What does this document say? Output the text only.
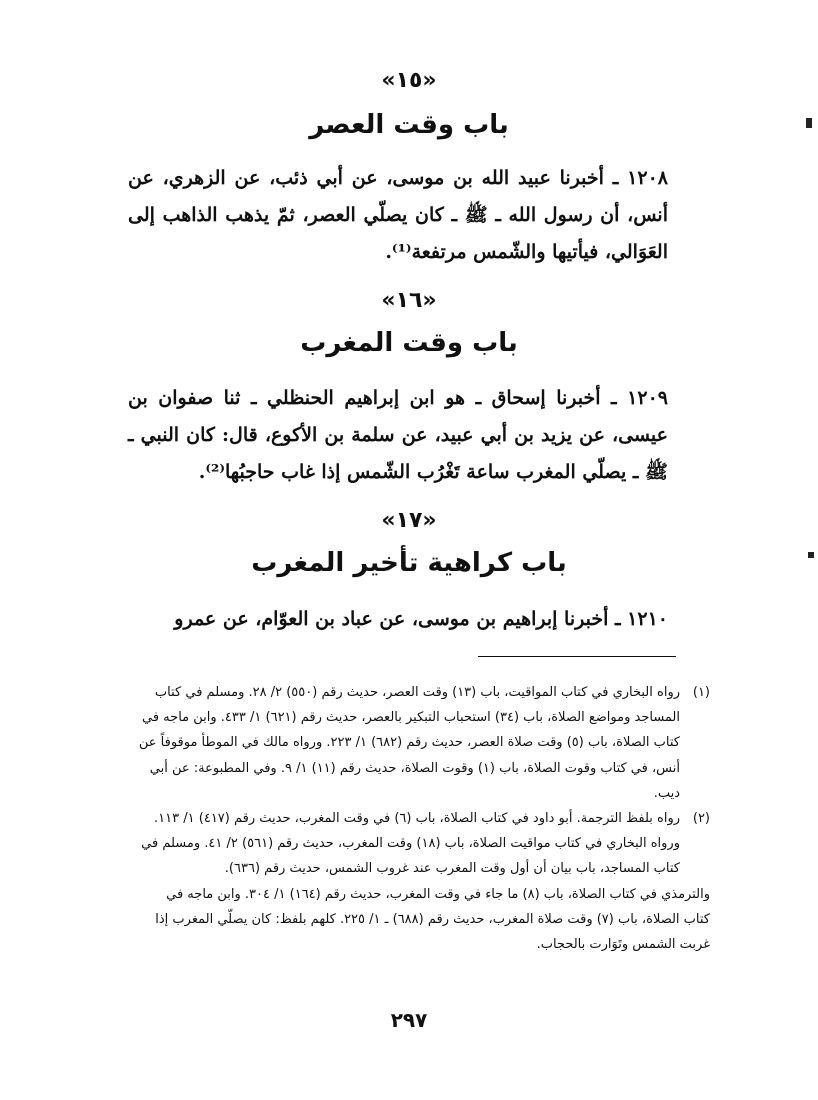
«١٥»
باب وقت العصر

١٢٠٨ ـ أخبرنا عبيد الله بن موسى، عن أبي ذئب، عن الزهري، عن أنس، أن رسول الله ـ ﷺ ـ كان يصلّي العصر، ثمّ يذهب الذاهب إلى العَوَالي، فيأتيها والشّمس مرتفعة⁽¹⁾.

«١٦»
باب وقت المغرب

١٢٠٩ ـ أخبرنا إسحاق ـ هو ابن إبراهيم الحنظلي ـ ثنا صفوان بن عيسى، عن يزيد بن أبي عبيد، عن سلمة بن الأكوع، قال: كان النبي ـ ﷺ ـ يصلّي المغرب ساعة تَغْرُب الشّمس إذا غاب حاجبُها⁽²⁾.

«١٧»
باب كراهية تأخير المغرب

١٢١٠ ـ أخبرنا إبراهيم بن موسى، عن عباد بن العوّام، عن عمرو

(١)
رواه البخاري في كتاب المواقيت، باب (١٣) وقت العصر، حديث رقم (٥٥٠) ٢/ ٢٨. ومسلم في كتاب المساجد ومواضع الصلاة، باب (٣٤) استحباب التبكير بالعصر، حديث رقم (٦٢١) ١/ ٤٣٣. وابن ماجه في كتاب الصلاة، باب (٥) وقت صلاة العصر، حديث رقم (٦٨٢) ١/ ٢٢٣. ورواه مالك في الموطأ موقوفاً عن أنس، في كتاب وقوت الصلاة، باب (١) وقوت الصلاة، حديث رقم (١١) ١/ ٩. وفي المطبوعة: عن أبي ديب.

(٢)
رواه بلفظ الترجمة. أبو داود في كتاب الصلاة، باب (٦) في وقت المغرب، حديث رقم (٤١٧) ١/ ١١٣. ورواه البخاري في كتاب مواقيت الصلاة، باب (١٨) وقت المغرب، حديث رقم (٥٦١) ٢/ ٤١. ومسلم في كتاب المساجد، باب بيان أن أول وقت المغرب عند غروب الشمس، حديث رقم (٦٣٦).

والترمذي في كتاب الصلاة، باب (٨) ما جاء في وقت المغرب، حديث رقم (١٦٤) ١/ ٣٠٤. وابن ماجه في كتاب الصلاة، باب (٧) وقت صلاة المغرب، حديث رقم (٦٨٨) ـ ١/ ٢٢٥. كلهم بلفظ: كان يصلّي المغرب إذا غربت الشمس وتَوَارت بالحجاب.

٢٩٧
